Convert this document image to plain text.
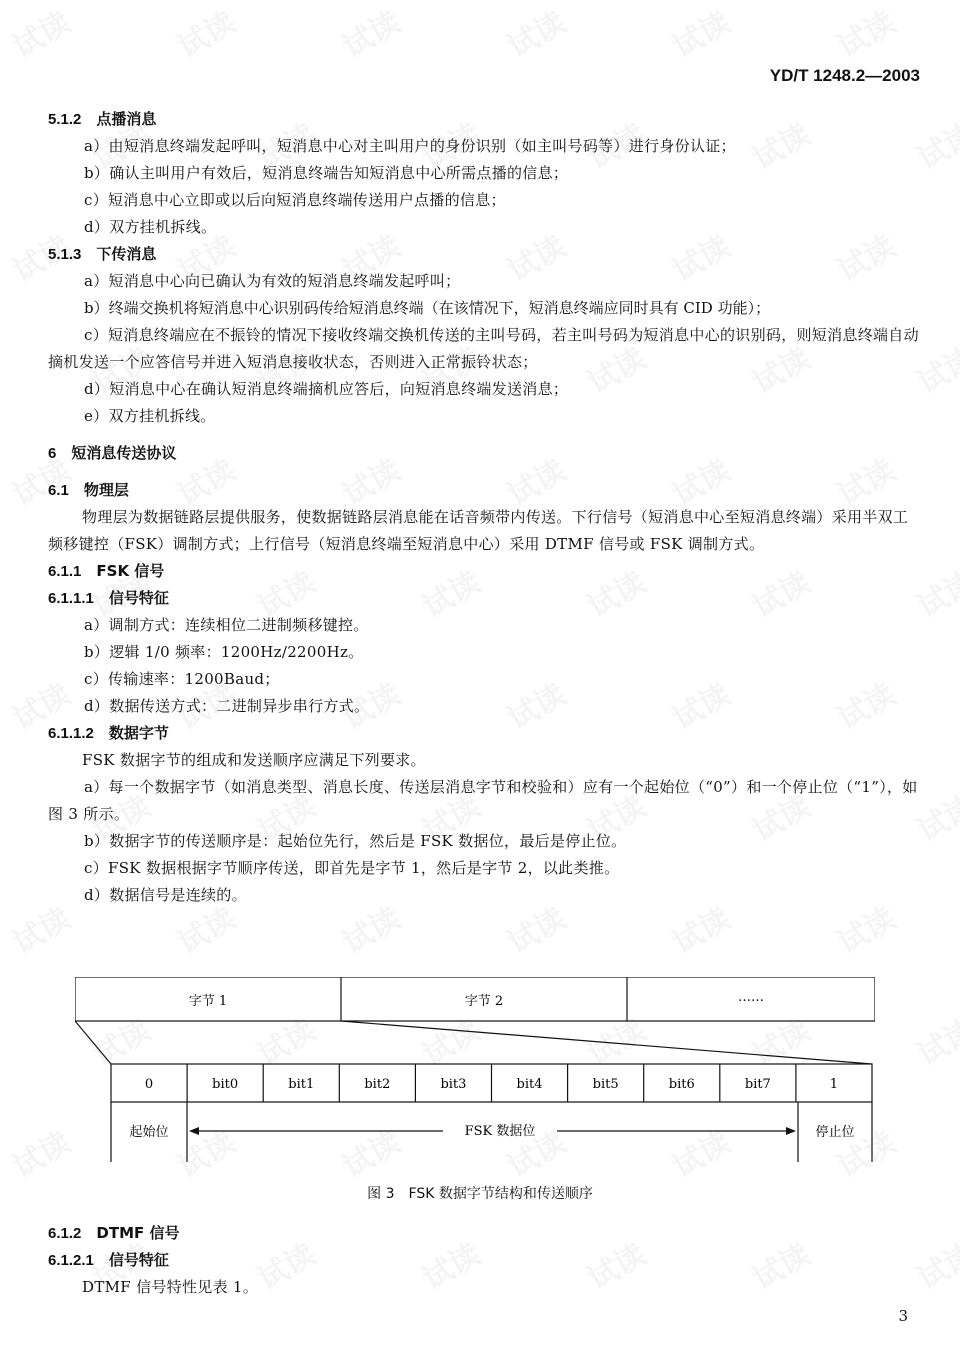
YD/T 1248.2—2003

5.1.2　 点播消息

a）由短消息终端发起呼叫，短消息中心对主叫用户的身份识别（如主叫号码等）进行身份认证；

b）确认主叫用户有效后，短消息终端告知短消息中心所需点播的信息；

c）短消息中心立即或以后向短消息终端传送用户点播的信息；

d）双方挂机拆线。

5.1.3　 下传消息

a）短消息中心向已确认为有效的短消息终端发起呼叫；

b）终端交换机将短消息中心识别码传给短消息终端（在该情况下，短消息终端应同时具有 CID 功能）；

c）短消息终端应在不振铃的情况下接收终端交换机传送的主叫号码，若主叫号码为短消息中心的识别码，则短消息终端自动摘机发送一个应答信号并进入短消息接收状态，否则进入正常振铃状态；

d）短消息中心在确认短消息终端摘机应答后，向短消息终端发送消息；

e）双方挂机拆线。

6　 短消息传送协议

6.1　 物理层

物理层为数据链路层提供服务，使数据链路层消息能在话音频带内传送。下行信号（短消息中心至短消息终端）采用半双工频移键控（FSK）调制方式；上行信号（短消息终端至短消息中心）采用 DTMF 信号或 FSK 调制方式。

6.1.1　 FSK 信号

6.1.1.1　 信号特征

a）调制方式：连续相位二进制频移键控。

b）逻辑 1/0 频率：1200Hz/2200Hz。

c）传输速率：1200Baud；

d）数据传送方式：二进制异步串行方式。

6.1.1.2　 数据字节

FSK 数据字节的组成和发送顺序应满足下列要求。

a）每一个数据字节（如消息类型、消息长度、传送层消息字节和校验和）应有一个起始位（“0”）和一个停止位（“1”），如图 3 所示。

b）数据字节的传送顺序是：起始位先行，然后是 FSK 数据位，最后是停止位。

c）FSK 数据根据字节顺序传送，即首先是字节 1，然后是字节 2，以此类推。

d）数据信号是连续的。

字节 1	字节 2	……
0	bit0	bit1	bit2	bit3	bit4	bit5	bit6	bit7	1
起始位	停止位
FSK 数据位
图 3　FSK 数据字节结构和传送顺序

6.1.2　 DTMF 信号

6.1.2.1　 信号特征

DTMF 信号特性见表 1。

3
